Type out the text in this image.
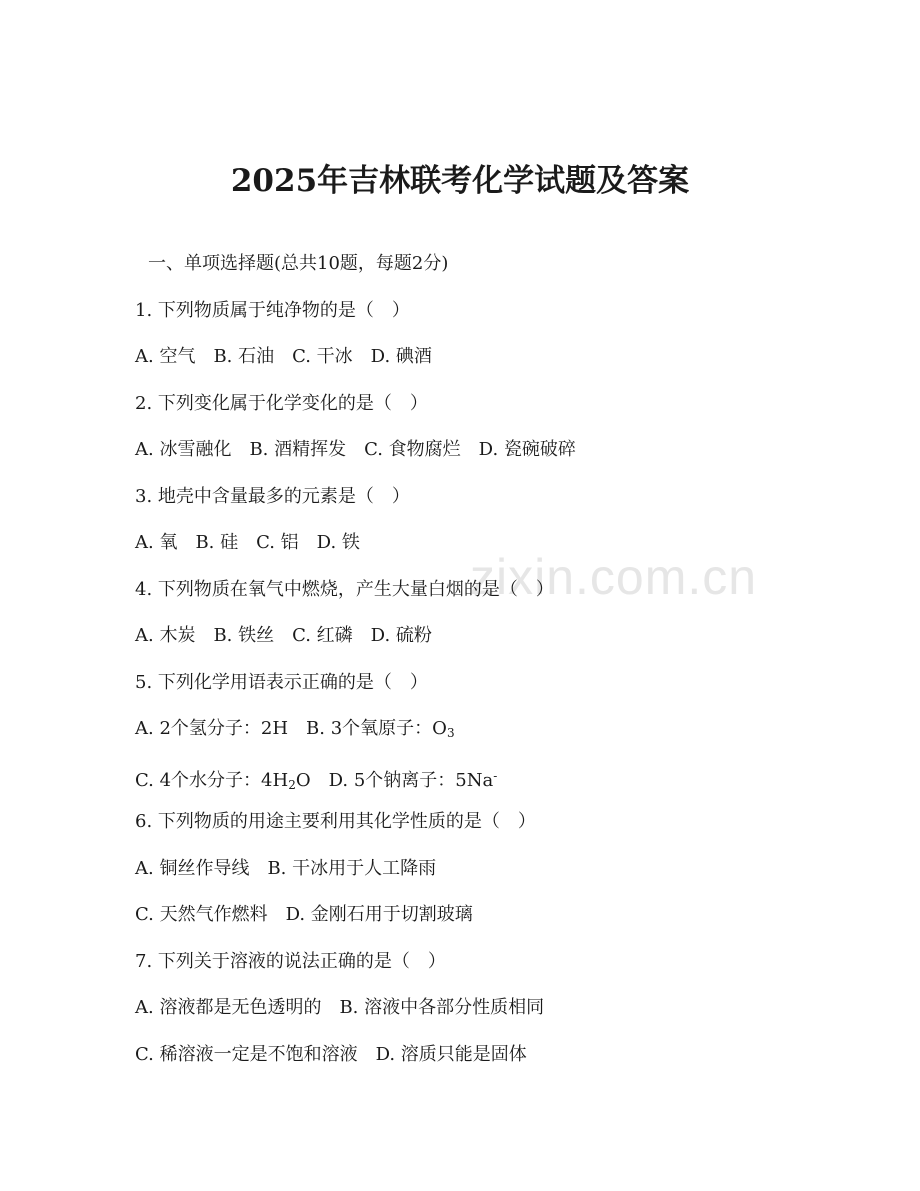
zixin.com.cn
2025年吉林联考化学试题及答案
一、单项选择题(总共10题，每题2分)
1. 下列物质属于纯净物的是（　）
A. 空气　B. 石油　C. 干冰　D. 碘酒
2. 下列变化属于化学变化的是（　）
A. 冰雪融化　B. 酒精挥发　C. 食物腐烂　D. 瓷碗破碎
3. 地壳中含量最多的元素是（　）
A. 氧　B. 硅　C. 铝　D. 铁
4. 下列物质在氧气中燃烧，产生大量白烟的是（　）
A. 木炭　B. 铁丝　C. 红磷　D. 硫粉
5. 下列化学用语表示正确的是（　）
A. 2个氢分子：2H　 B. 3个氧原子：$O_3$
C. 4个水分子：$4H_2O$　 D. 5个钠离子：5Na-
6. 下列物质的用途主要利用其化学性质的是（　）
A. 铜丝作导线　B. 干冰用于人工降雨
C. 天然气作燃料　D. 金刚石用于切割玻璃
7. 下列关于溶液的说法正确的是（　）
A. 溶液都是无色透明的　B. 溶液中各部分性质相同
C. 稀溶液一定是不饱和溶液　D. 溶质只能是固体
